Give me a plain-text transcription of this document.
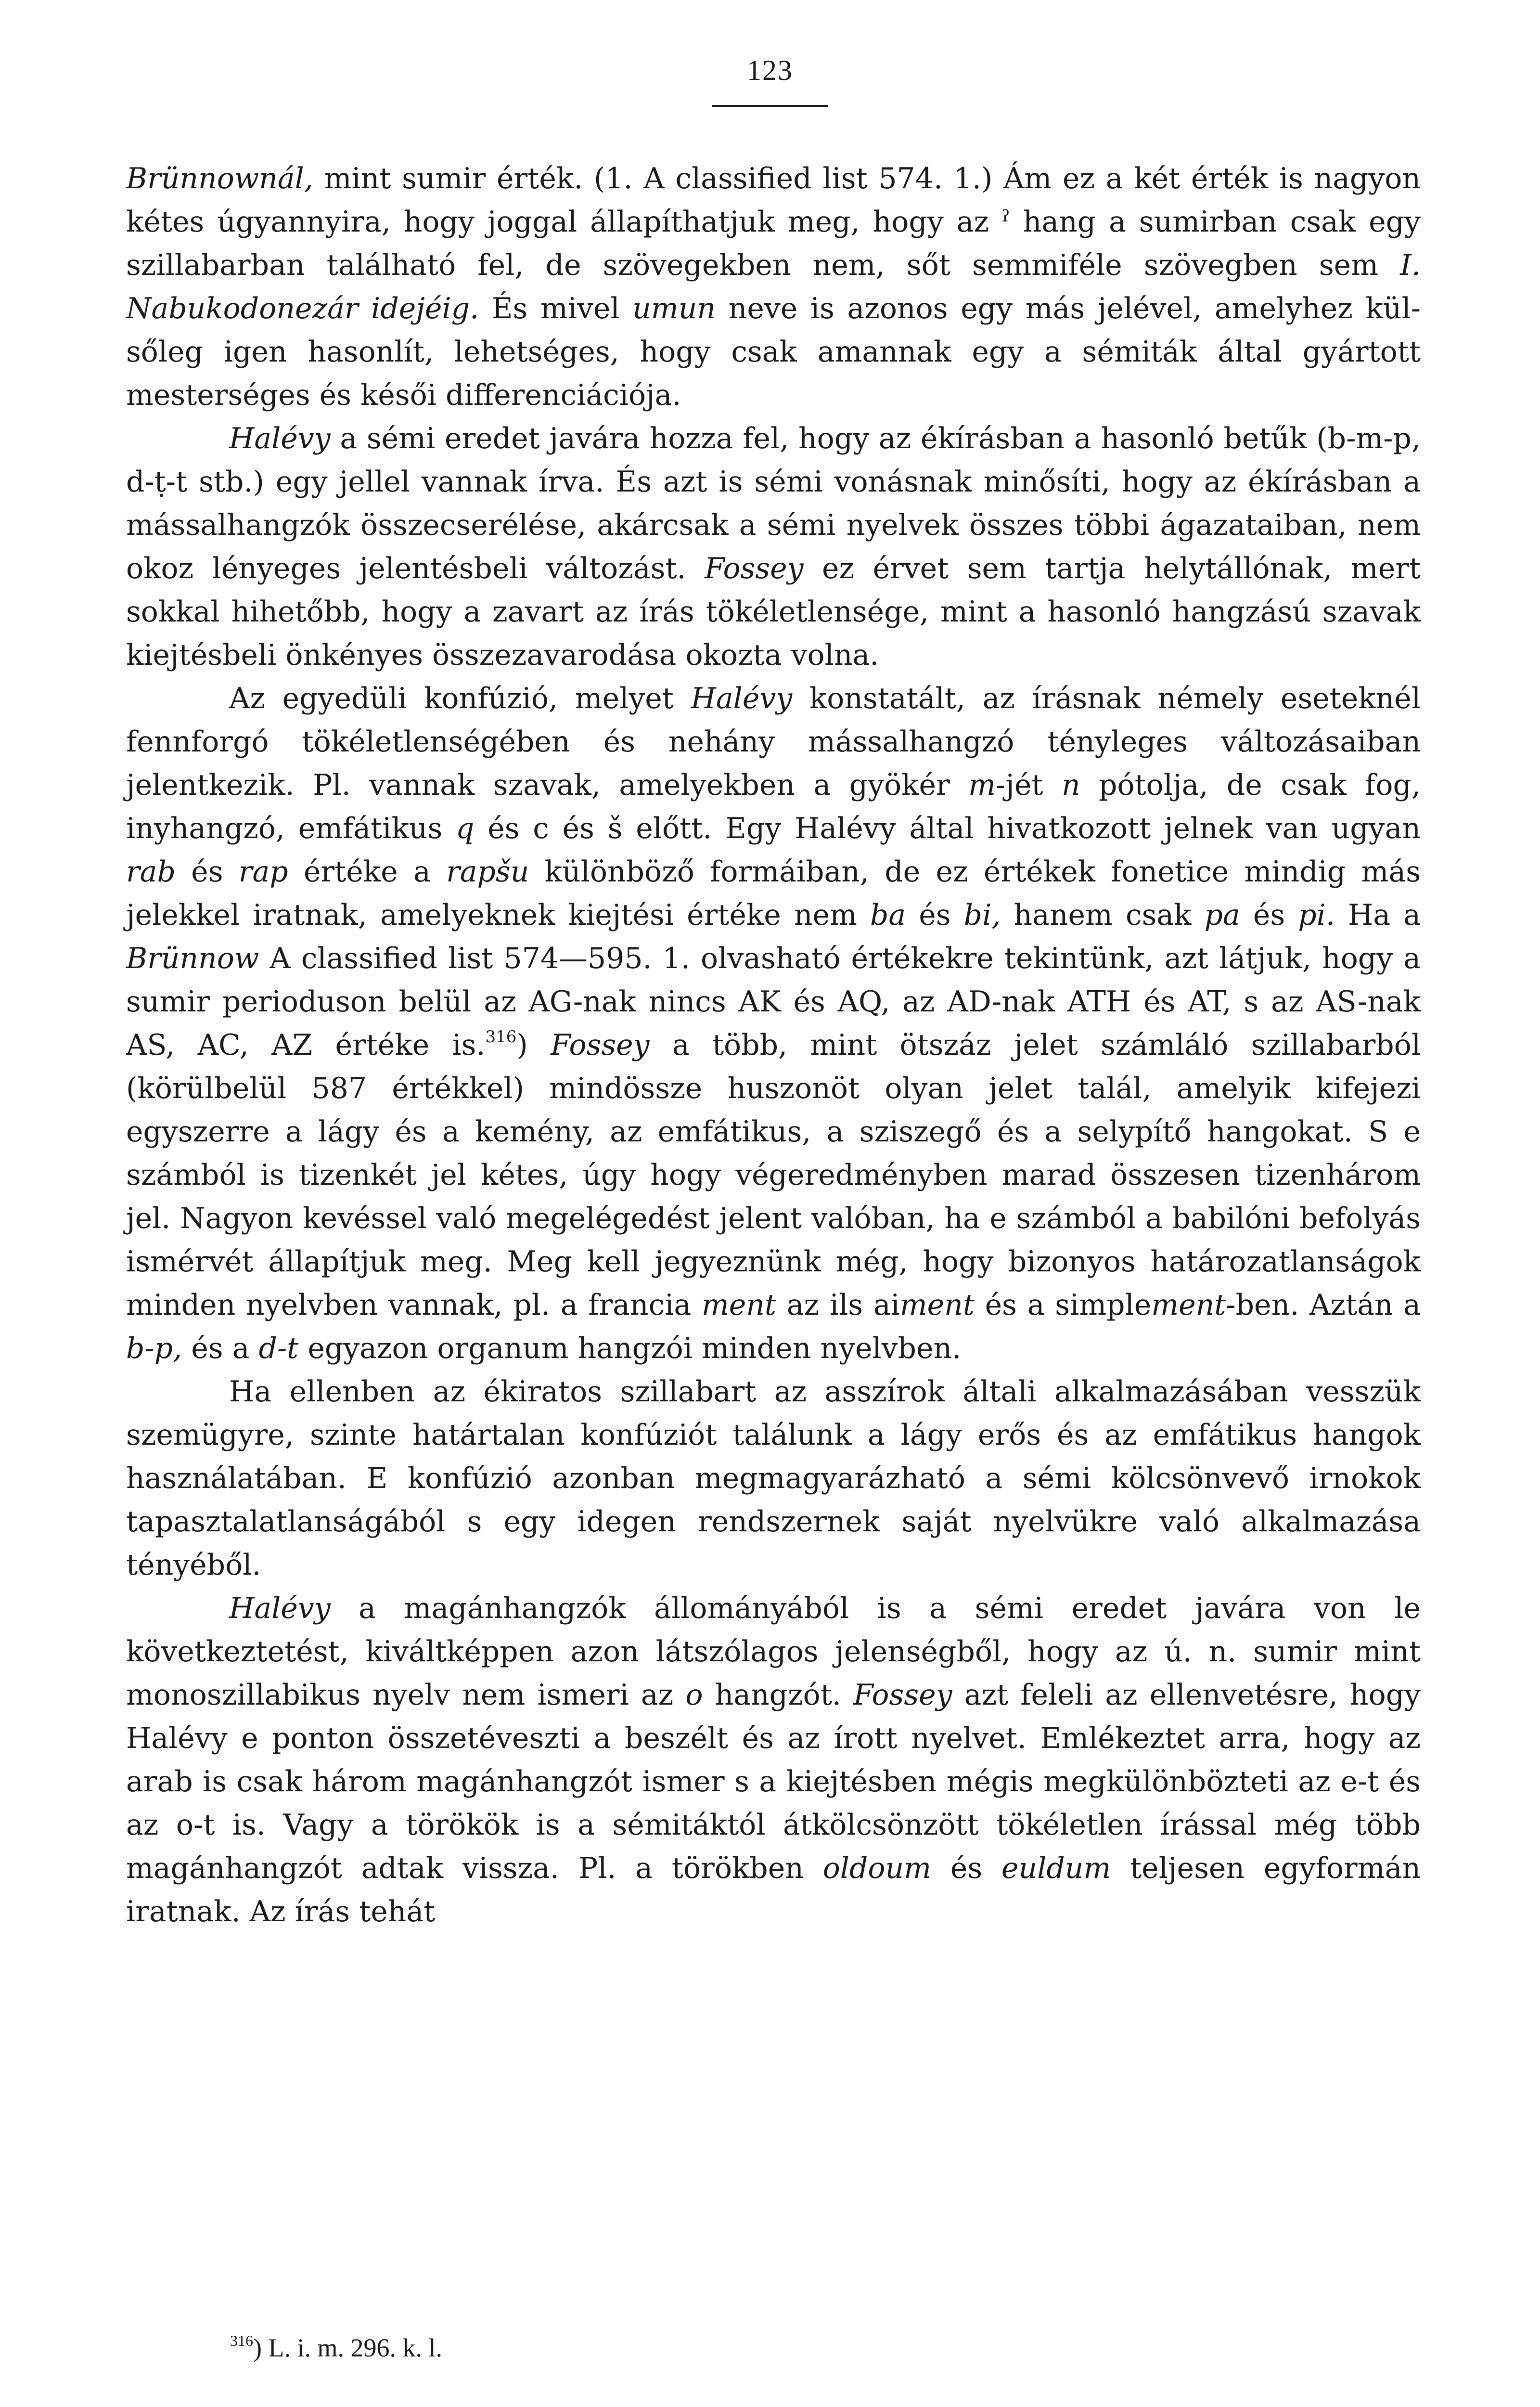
123

Brünnownál, mint sumir érték. (1. A classified list 574. 1.) Ám ez a két érték is nagyon kétes úgyannyira, hogy joggal állapíthatjuk meg, hogy az ˀ hang a sumirban csak egy szillabarban található fel, de szövegekben nem, sőt semmiféle szövegben sem I. Nabukodonezár idejéig. És mivel umun neve is azonos egy más jelével, amelyhez külsőleg igen hasonlít, lehetséges, hogy csak amannak egy a sémiták által gyártott mesterséges és késői differenciációja.

Halévy a sémi eredet javára hozza fel, hogy az ékírásban a hasonló betűk (b-m-p, d-ṭ-t stb.) egy jellel vannak írva. És azt is sémi vonásnak minősíti, hogy az ékírásban a mássalhangzók összecserélése, akárcsak a sémi nyelvek összes többi ágazataiban, nem okoz lényeges jelentésbeli változást. Fossey ez érvet sem tartja helytállónak, mert sokkal hihetőbb, hogy a zavart az írás tökéletlensége, mint a hasonló hangzású szavak kiejtésbeli önkényes összezavarodása okozta volna.

Az egyedüli konfúzió, melyet Halévy konstatált, az írásnak némely eseteknél fennforgó tökéletlenségében és nehány mássalhangzó tényleges változásaiban jelentkezik. Pl. vannak szavak, amelyekben a gyökér m-jét n pótolja, de csak fog, inyhangzó, emfátikus q és c és š előtt. Egy Halévy által hivatkozott jelnek van ugyan rab és rap értéke a rapšu különböző formáiban, de ez értékek fonetice mindig más jelekkel iratnak, amelyeknek kiejtési értéke nem ba és bi, hanem csak pa és pi. Ha a Brünnow A classified list 574—595. 1. olvasható értékekre tekintünk, azt látjuk, hogy a sumir perioduson belül az AG-nak nincs AK és AQ, az AD-nak ATH és AT, s az AS-nak AS, AC, AZ értéke is.$^{316}$) Fossey a több, mint ötszáz jelet számláló szillabarból (körülbelül 587 értékkel) mindössze huszonöt olyan jelet talál, amelyik kifejezi egyszerre a lágy és a kemény, az emfátikus, a sziszegő és a selypítő hangokat. S e számból is tizenkét jel kétes, úgy hogy végeredményben marad összesen tizenhárom jel. Nagyon kevéssel való megelégedést jelent valóban, ha e számból a babilóni befolyás ismérvét állapítjuk meg. Meg kell jegyeznünk még, hogy bizonyos határozatlanságok minden nyelvben vannak, pl. a francia ment az ils aiment és a simplement-ben. Aztán a b-p, és a d-t egyazon organum hangzói minden nyelvben.

Ha ellenben az ékiratos szillabart az asszírok általi alkalmazásában vesszük szemügyre, szinte határtalan konfúziót találunk a lágy erős és az emfátikus hangok használatában. E konfúzió azonban megmagyarázható a sémi kölcsönvevő irnokok tapasztalatlanságából s egy idegen rendszernek saját nyelvükre való alkalmazása tényéből.

Halévy a magánhangzók állományából is a sémi eredet javára von le következtetést, kiváltképpen azon látszólagos jelenségből, hogy az ú. n. sumir mint monoszillabikus nyelv nem ismeri az o hangzót. Fossey azt feleli az ellenvetésre, hogy Halévy e ponton összetéveszti a beszélt és az írott nyelvet. Emlékeztet arra, hogy az arab is csak három magánhangzót ismer s a kiejtésben mégis megkülönbözteti az e-t és az o-t is. Vagy a törökök is a sémitáktól átkölcsönzött tökéletlen írással még több magánhangzót adtak vissza. Pl. a törökben oldoum és euldum teljesen egyformán iratnak. Az írás tehát

$^{316}$) L. i. m. 296. k. l.
